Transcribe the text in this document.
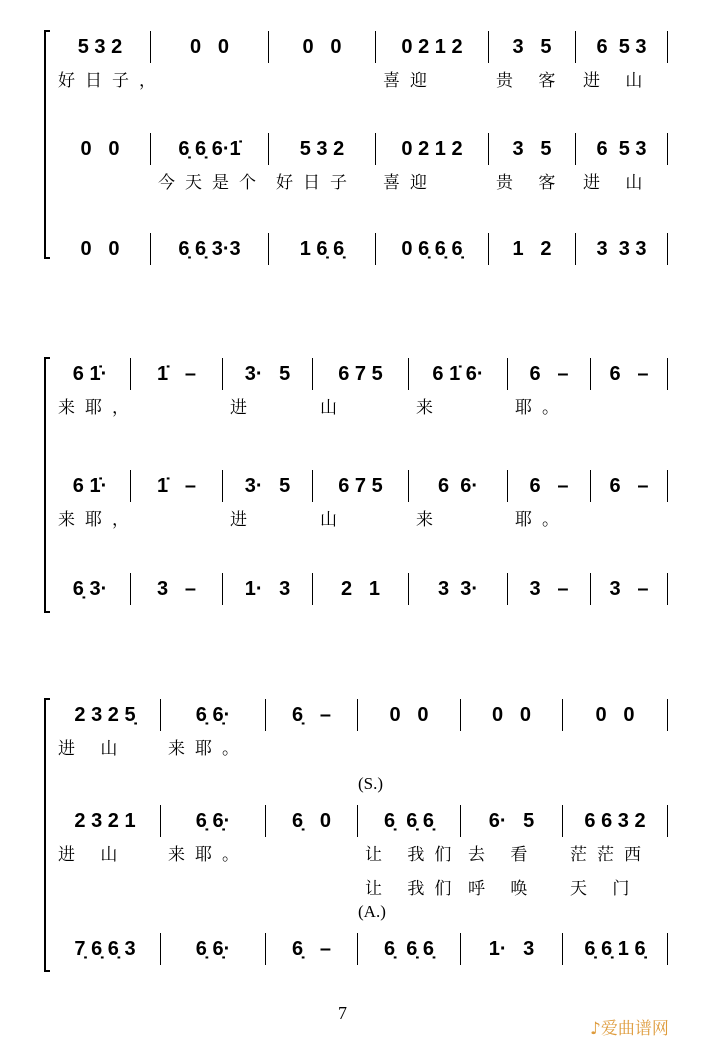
5 3 2	0   0	0   0	0 2 1 2	3   5	6  5 3
好日子，	喜迎	贵 客	进 山
0   0	6̣ 6̣ 6·1̇	5 3 2	0 2 1 2	3   5	6  5 3
今天是个 好日子	喜迎	贵 客	进 山
0   0	6̣ 6̣ 3·3	1 6̣ 6̣	0 6̣ 6̣ 6̣	1   2	3  3 3
6 1̇·	1̇   –	3·   5	6 7 5	6 1̇ 6·	6   –	6   –
来耶，	进	山	来	耶。
6 1̇·	1̇   –	3·   5	6 7 5	6  6·	6   –	6   –
来耶，	进	山	来	耶。
6̣ 3·	3   –	1·   3	2   1	3  3·	3   –	3   –
(S.)
(A.)
2 3 2 5̣	6̣ 6̣·	6̣   –	0   0	0   0	0   0
进 山	来耶。
2 3 2 1	6̣ 6̣·	6̣   0	6̣  6̣ 6̣	6·   5	6 6 3 2
进 山	来耶。	让 我们 去 看	茫茫西
让 我们 呼 唤	天 门
7̣ 6̣ 6̣ 3	6̣ 6̣·	6̣   –	6̣  6̣ 6̣	1·   3	6̣ 6̣ 1 6̣
7
♪爱曲谱网
